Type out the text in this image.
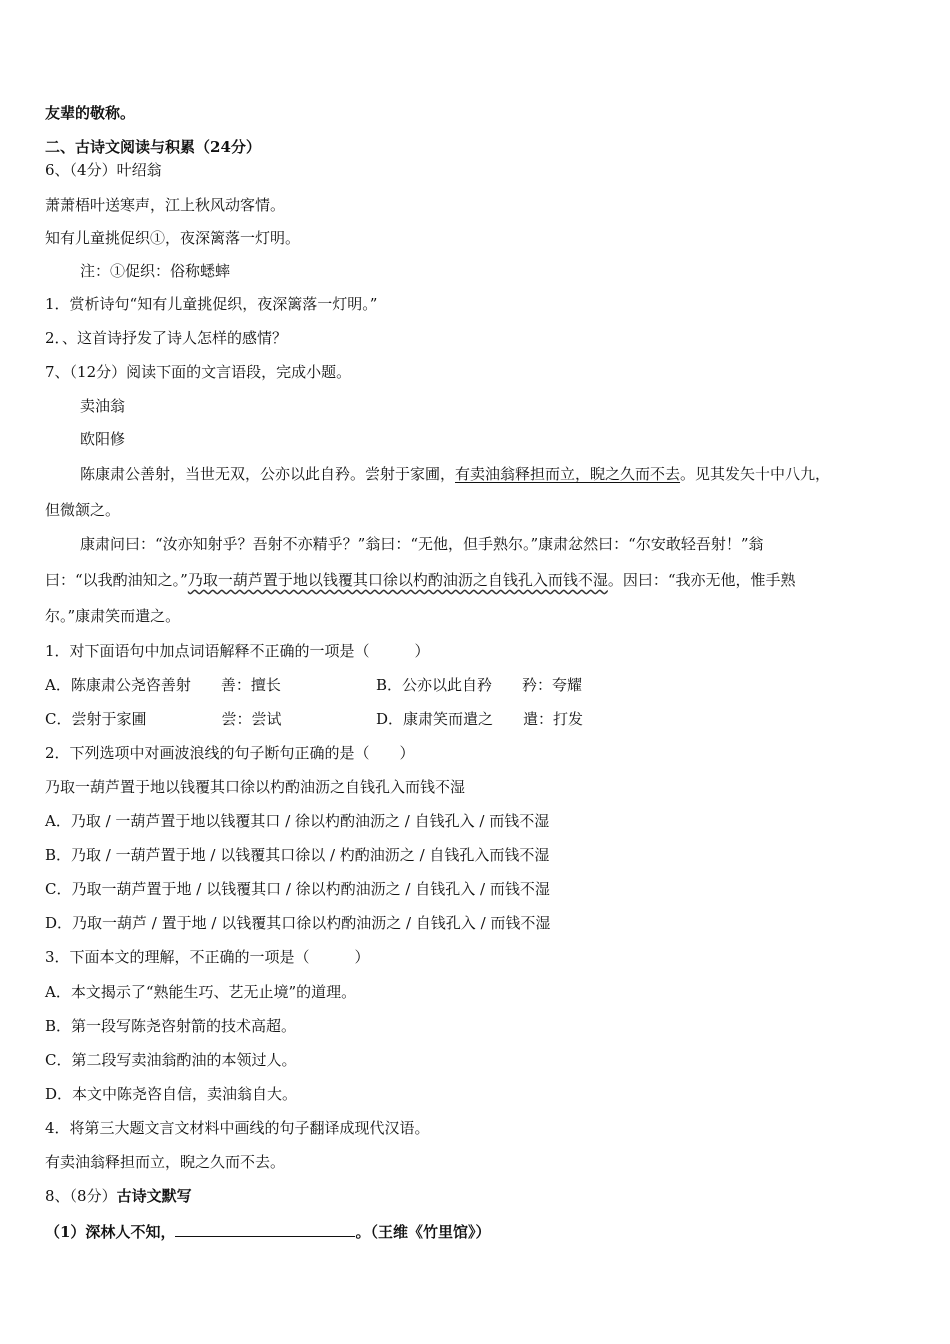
友辈的敬称。
二、古诗文阅读与积累（24分）
6、（4分）叶绍翁
萧萧梧叶送寒声，江上秋风动客情。
知有儿童挑促织①，夜深篱落一灯明。
注：①促织：俗称蟋蟀
1．赏析诗句“知有儿童挑促织，夜深篱落一灯明。”
2．、这首诗抒发了诗人怎样的感情？
7、（12分）阅读下面的文言语段，完成小题。
卖油翁
欧阳修
陈康肃公善射，当世无双，公亦以此自矜。尝射于家圃，有卖油翁释担而立，睨之久而不去。见其发矢十中八九，
但微颔之。
康肃问曰：“汝亦知射乎？吾射不亦精乎？”翁曰：“无他，但手熟尔。”康肃忿然曰：“尔安敢轻吾射！”翁
曰：“以我酌油知之。”乃取一葫芦置于地以钱覆其口徐以杓酌油沥之自钱孔入而钱不湿。因曰：“我亦无他，惟手熟
尔。”康肃笑而遣之。
1．对下面语句中加点词语解释不正确的一项是（　　　）
A．陈康肃公尧咨善射　　善：擅长	B．公亦以此自矜　　矜：夸耀
C．尝射于家圃　　　　　尝：尝试	D．康肃笑而遣之　　遣：打发
2．下列选项中对画波浪线的句子断句正确的是（　　）
乃取一葫芦置于地以钱覆其口徐以杓酌油沥之自钱孔入而钱不湿
A．乃取 / 一葫芦置于地以钱覆其口 / 徐以杓酌油沥之 / 自钱孔入 / 而钱不湿
B．乃取 / 一葫芦置于地 / 以钱覆其口徐以 / 杓酌油沥之 / 自钱孔入而钱不湿
C．乃取一葫芦置于地 / 以钱覆其口 / 徐以杓酌油沥之 / 自钱孔入 / 而钱不湿
D．乃取一葫芦 / 置于地 / 以钱覆其口徐以杓酌油沥之 / 自钱孔入 / 而钱不湿
3．下面本文的理解，不正确的一项是（　　　）
A．本文揭示了“熟能生巧、艺无止境”的道理。
B．第一段写陈尧咨射箭的技术高超。
C．第二段写卖油翁酌油的本领过人。
D．本文中陈尧咨自信，卖油翁自大。
4．将第三大题文言文材料中画线的句子翻译成现代汉语。
有卖油翁释担而立，睨之久而不去。
8、（8分）古诗文默写
（1）深林人不知，	。（王维《竹里馆》）
